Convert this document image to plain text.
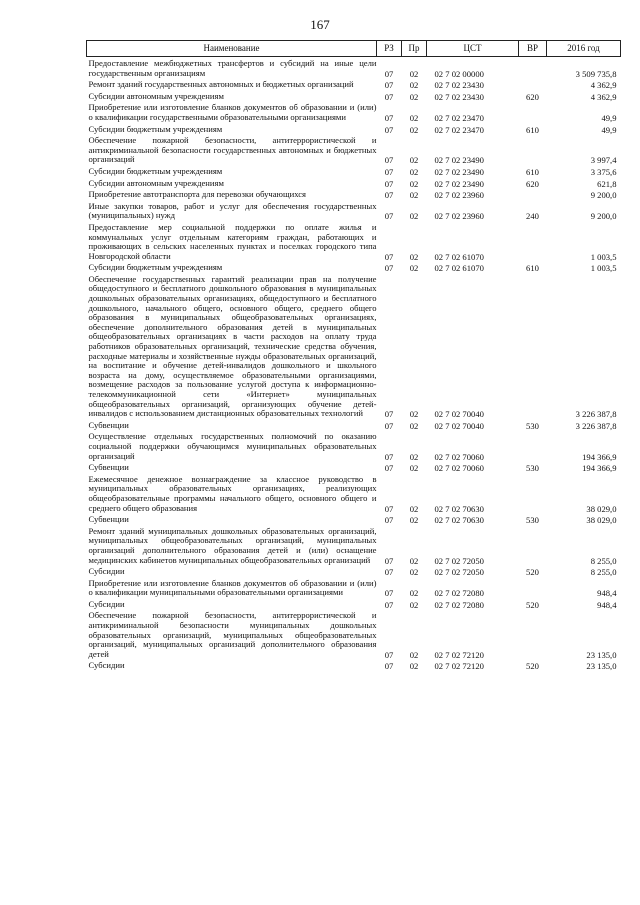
167
Наименование	РЗ	Пр	ЦСТ	ВР	2016 год
Предоставление межбюджетных трансфертов и субсидий на иные цели государственным организациям	07	02	02 7 02 00000		3 509 735,8
Ремонт зданий государственных автономных и бюджетных организаций	07	02	02 7 02 23430		4 362,9
Субсидии автономным учреждениям	07	02	02 7 02 23430	620	4 362,9
Приобретение или изготовление бланков документов об образовании и (или) о квалификации государственными образовательными организациями	07	02	02 7 02 23470		49,9
Субсидии бюджетным учреждениям	07	02	02 7 02 23470	610	49,9
Обеспечение пожарной безопасности, антитеррористической и антикриминальной безопасности государственных автономных и бюджетных организаций	07	02	02 7 02 23490		3 997,4
Субсидии бюджетным учреждениям	07	02	02 7 02 23490	610	3 375,6
Субсидии автономным учреждениям	07	02	02 7 02 23490	620	621,8
Приобретение автотранспорта для перевозки обучающихся	07	02	02 7 02 23960		9 200,0
Иные закупки товаров, работ и услуг для обеспечения государственных (муниципальных) нужд	07	02	02 7 02 23960	240	9 200,0
Предоставление мер социальной поддержки по оплате жилья и коммунальных услуг отдельным категориям граждан, работающих и проживающих в сельских населенных пунктах и поселках городского типа Новгородской области	07	02	02 7 02 61070		1 003,5
Субсидии бюджетным учреждениям	07	02	02 7 02 61070	610	1 003,5
Обеспечение государственных гарантий реализации прав на получение общедоступного и бесплатного дошкольного образования в муниципальных дошкольных образовательных организациях, общедоступного и бесплатного дошкольного, начального общего, основного общего, среднего общего образования в муниципальных общеобразовательных организациях, обеспечение дополнительного образования детей в муниципальных общеобразовательных организациях в части расходов на оплату труда работников образовательных организаций, технические средства обучения, расходные материалы и хозяйственные нужды образовательных организаций, на воспитание и обучение детей-инвалидов дошкольного и школьного возраста на дому, осуществляемое образовательными организациями, возмещение расходов за пользование услугой доступа к информационно-телекоммуникационной сети «Интернет» муниципальных общеобразовательных организаций, организующих обучение детей-инвалидов с использованием дистанционных образовательных технологий	07	02	02 7 02 70040		3 226 387,8
Субвенции	07	02	02 7 02 70040	530	3 226 387,8
Осуществление отдельных государственных полномочий по оказанию социальной поддержки обучающимся муниципальных образовательных организаций	07	02	02 7 02 70060		194 366,9
Субвенции	07	02	02 7 02 70060	530	194 366,9
Ежемесячное денежное вознаграждение за классное руководство в муниципальных образовательных организациях, реализующих общеобразовательные программы начального общего, основного общего и среднего общего образования	07	02	02 7 02 70630		38 029,0
Субвенции	07	02	02 7 02 70630	530	38 029,0
Ремонт зданий муниципальных дошкольных образовательных организаций, муниципальных общеобразовательных организаций, муниципальных организаций дополнительного образования детей и (или) оснащение медицинских кабинетов муниципальных общеобразовательных организаций	07	02	02 7 02 72050		8 255,0
Субсидии	07	02	02 7 02 72050	520	8 255,0
Приобретение или изготовление бланков документов об образовании и (или) о квалификации муниципальными образовательными организациями	07	02	02 7 02 72080		948,4
Субсидии	07	02	02 7 02 72080	520	948,4
Обеспечение пожарной безопасности, антитеррористической и антикриминальной безопасности муниципальных дошкольных образовательных организаций, муниципальных общеобразовательных организаций, муниципальных организаций дополнительного образования детей	07	02	02 7 02 72120		23 135,0
Субсидии	07	02	02 7 02 72120	520	23 135,0
